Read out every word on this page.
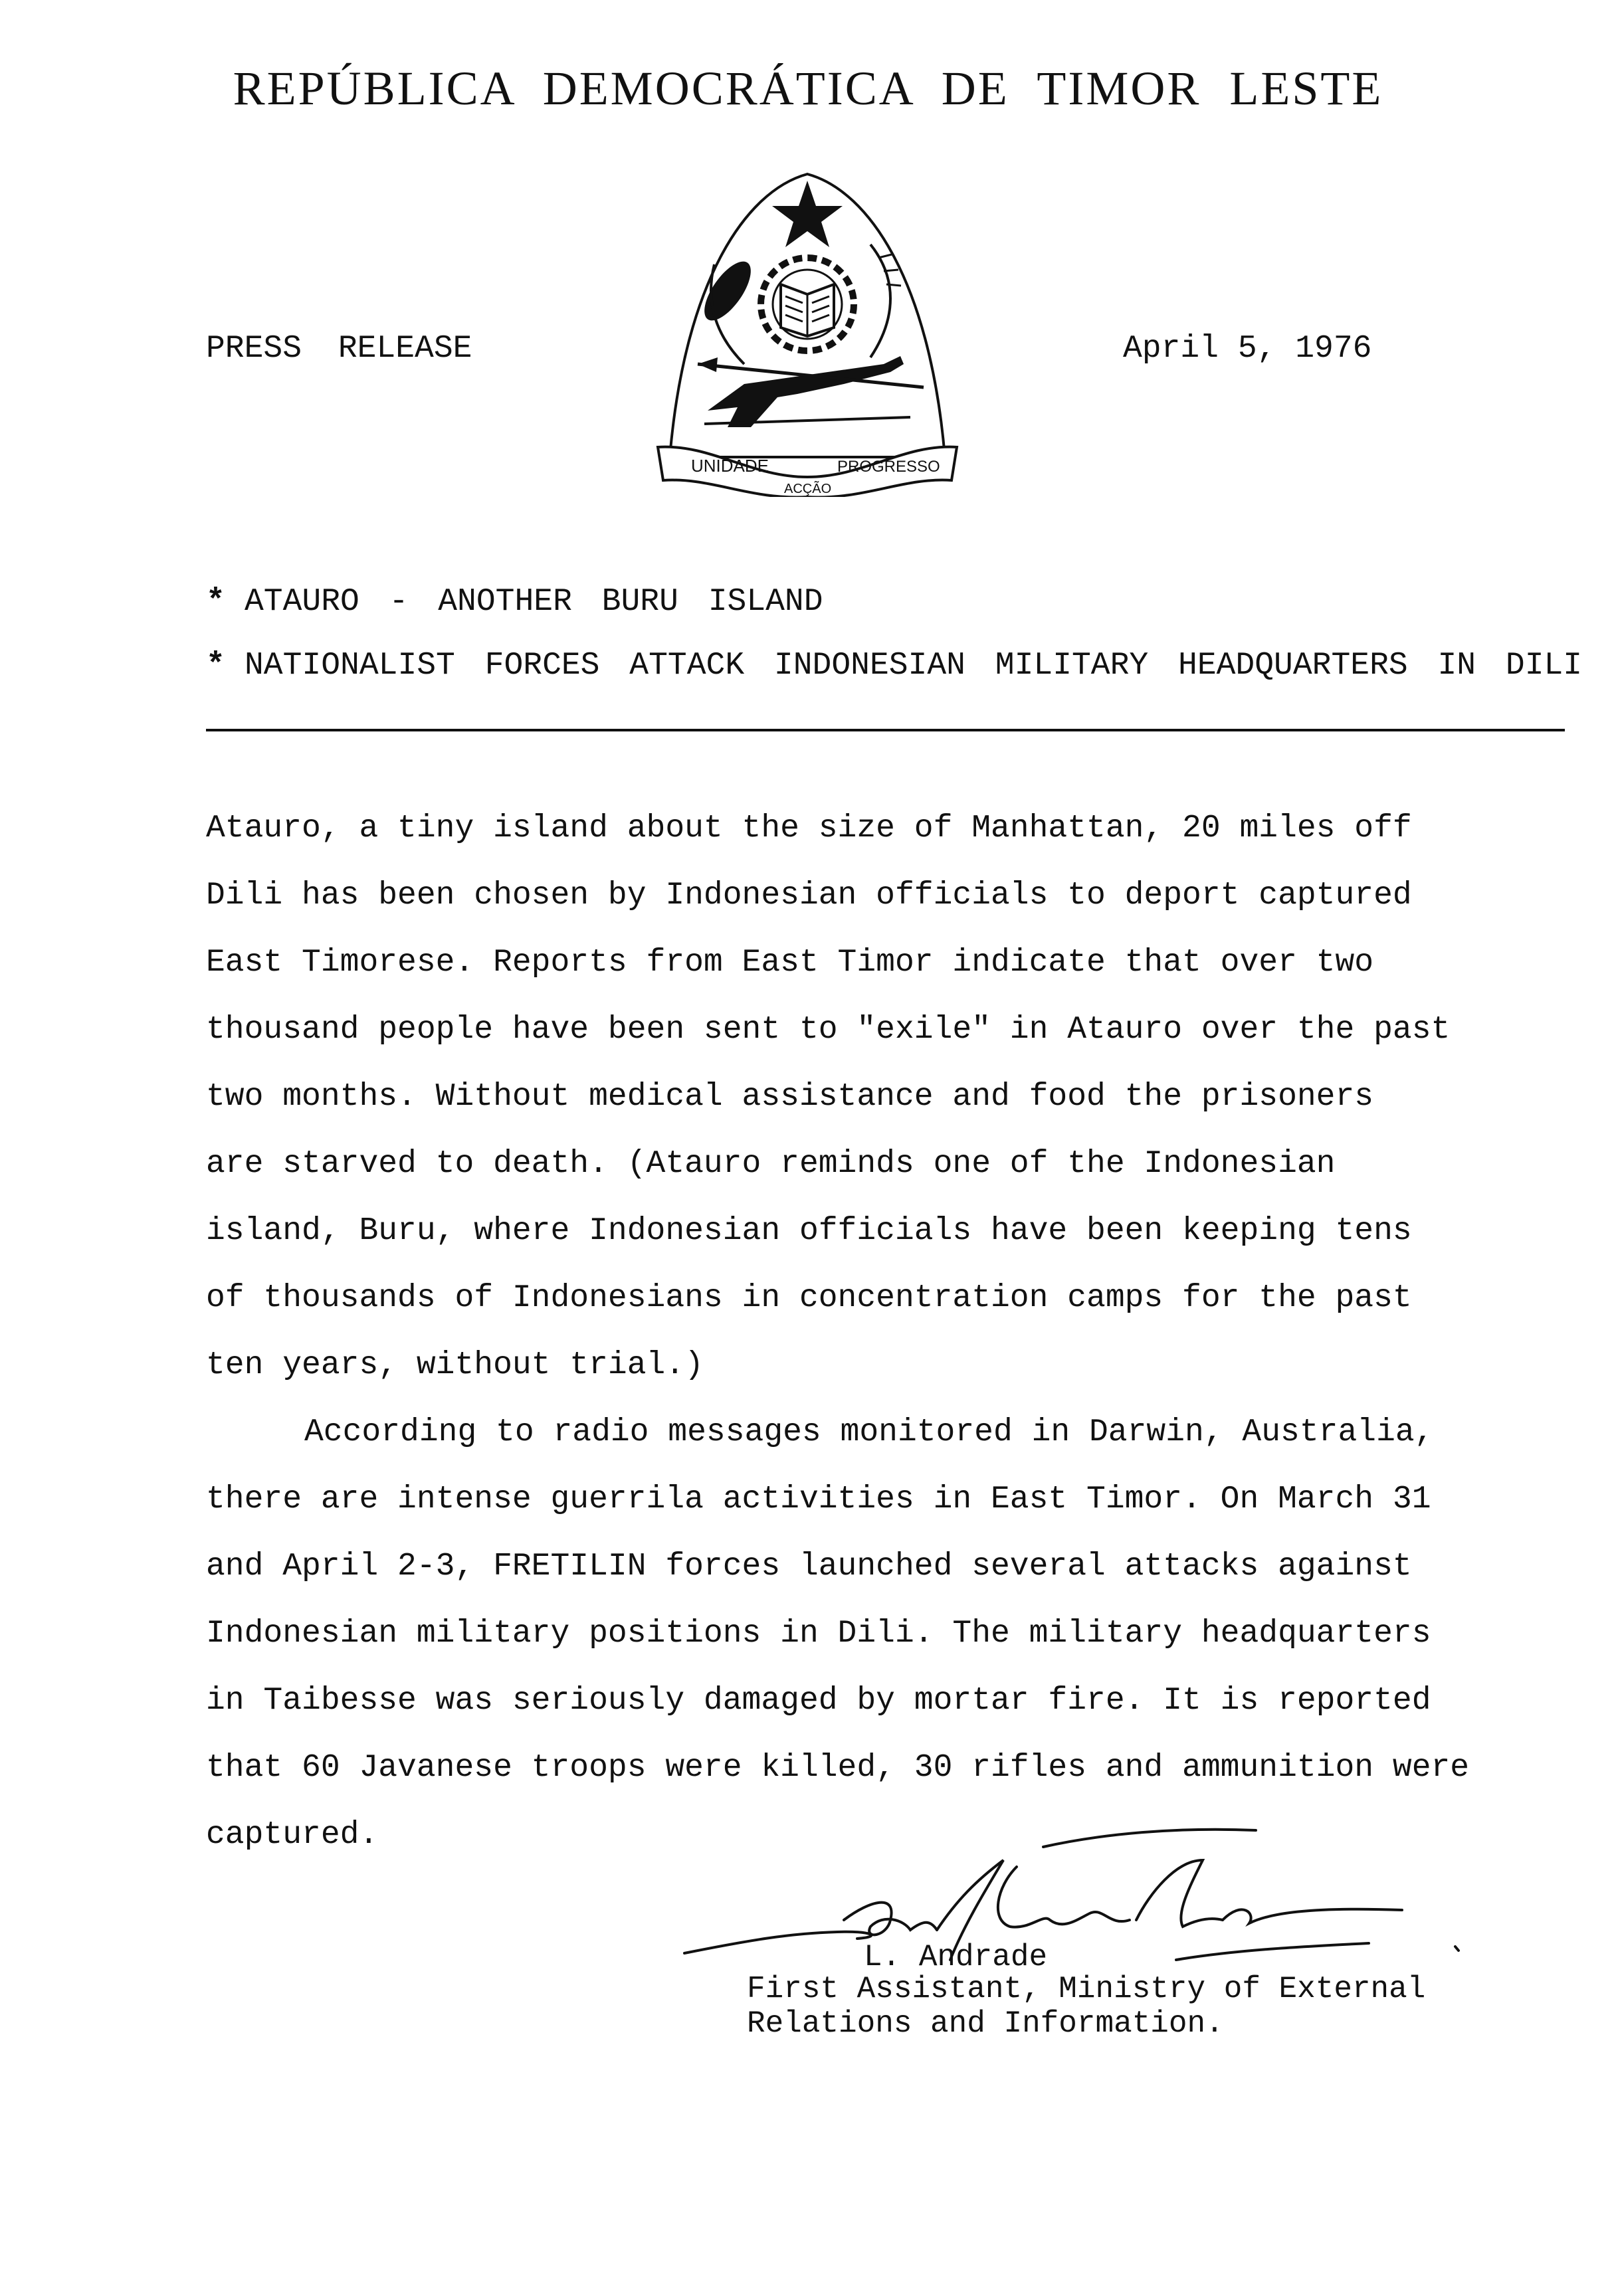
REPÚBLICA DEMOCRÁTICA DE TIMOR LESTE
PRESS RELEASE	April 5, 1976
UNIDADE
ACÇÃO
PROGRESSO
* ATAURO - ANOTHER BURU ISLAND
* NATIONALIST FORCES ATTACK INDONESIAN MILITARY HEADQUARTERS IN DILI
Atauro, a tiny island about the size of Manhattan, 20 miles off
Dili has been chosen by Indonesian officials to deport captured
East Timorese. Reports from East Timor indicate that over two
thousand people have been sent to "exile" in Atauro over the past
two months. Without medical assistance and food the prisoners
are starved to death. (Atauro reminds one of the Indonesian
island, Buru, where Indonesian officials have been keeping tens
of thousands of Indonesians in concentration camps for the past
ten years, without trial.)
According to radio messages monitored in Darwin, Australia,
there are intense guerrila activities in East Timor. On March 31
and April 2-3, FRETILIN forces launched several attacks against
Indonesian military positions in Dili. The military headquarters
in Taibesse was seriously damaged by mortar fire. It is reported
that 60 Javanese troops were killed, 30 rifles and ammunition were
captured.
L. Andrade
First Assistant, Ministry of External
Relations and Information.
